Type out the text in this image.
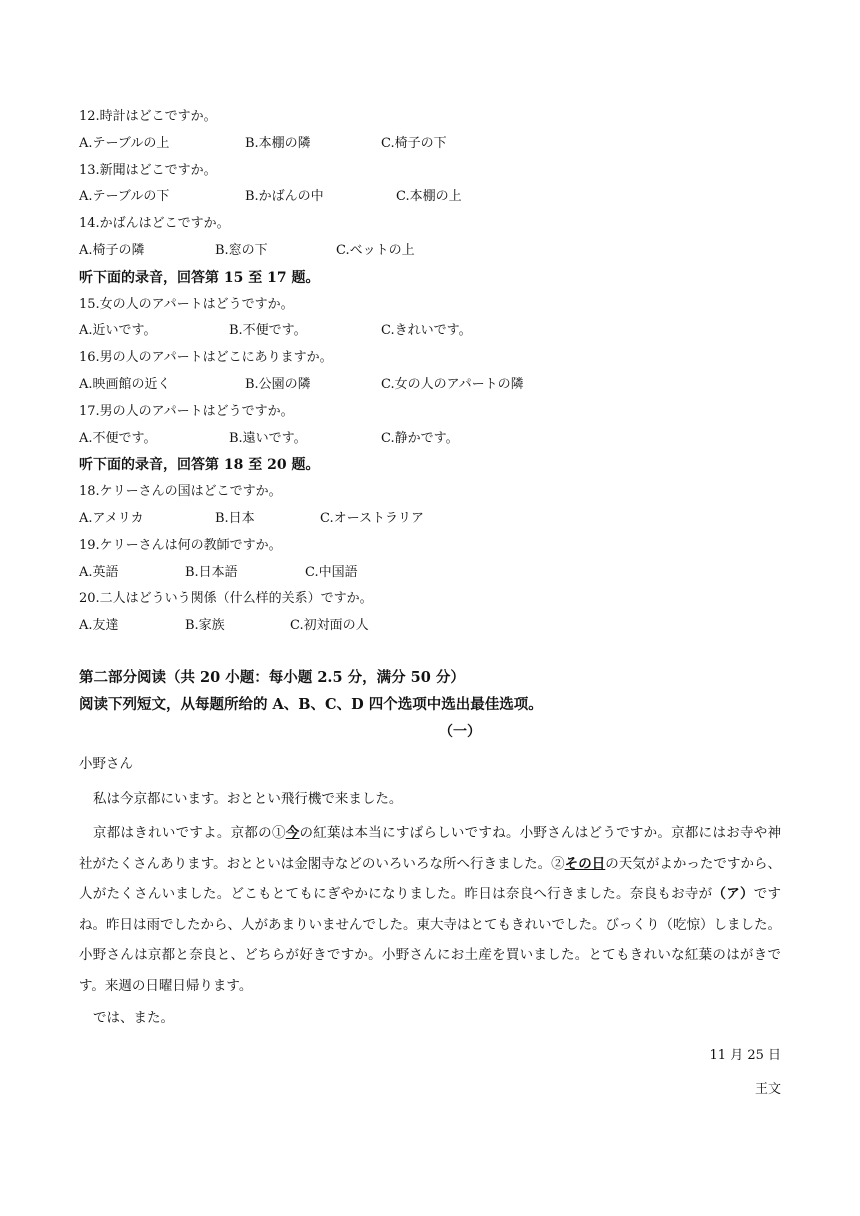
12.時計はどこですか。
A.テーブルの上	B.本棚の隣	C.椅子の下
13.新聞はどこですか。
A.テーブルの下	B.かばんの中	C.本棚の上
14.かばんはどこですか。
A.椅子の隣	B.窓の下	C.ベットの上
听下面的录音，回答第 15 至 17 题。
15.女の人のアパートはどうですか。
A.近いです。	B.不便です。	C.きれいです。
16.男の人のアパートはどこにありますか。
A.映画館の近く	B.公園の隣	C.女の人のアパートの隣
17.男の人のアパートはどうですか。
A.不便です。	B.遠いです。	C.静かです。
听下面的录音，回答第 18 至 20 题。
18.ケリーさんの国はどこですか。
A.アメリカ	B.日本	C.オーストラリア
19.ケリーさんは何の教師ですか。
A.英語	B.日本語	C.中国語
20.二人はどういう関係（什么样的关系）ですか。
A.友達	B.家族	C.初対面の人
第二部分阅读（共 20 小题：每小题 2.5 分，满分 50 分）
阅读下列短文，从每题所给的 A、B、C、D 四个选项中选出最佳选项。
（一）
小野さん
私は今京都にいます。おととい飛行機で来ました。
京都はきれいですよ。京都の①今の紅葉は本当にすばらしいですね。小野さんはどうですか。京都にはお寺や神社がたくさんあります。おとといは金閣寺などのいろいろな所へ行きました。②その日の天気がよかったですから、人がたくさんいました。どこもとてもにぎやかになりました。昨日は奈良へ行きました。奈良もお寺が（ア）ですね。昨日は雨でしたから、人があまりいませんでした。東大寺はとてもきれいでした。びっくり（吃惊）しました。小野さんは京都と奈良と、どちらが好きですか。小野さんにお土産を買いました。とてもきれいな紅葉のはがきです。来週の日曜日帰ります。
では、また。
11 月 25 日
王文
